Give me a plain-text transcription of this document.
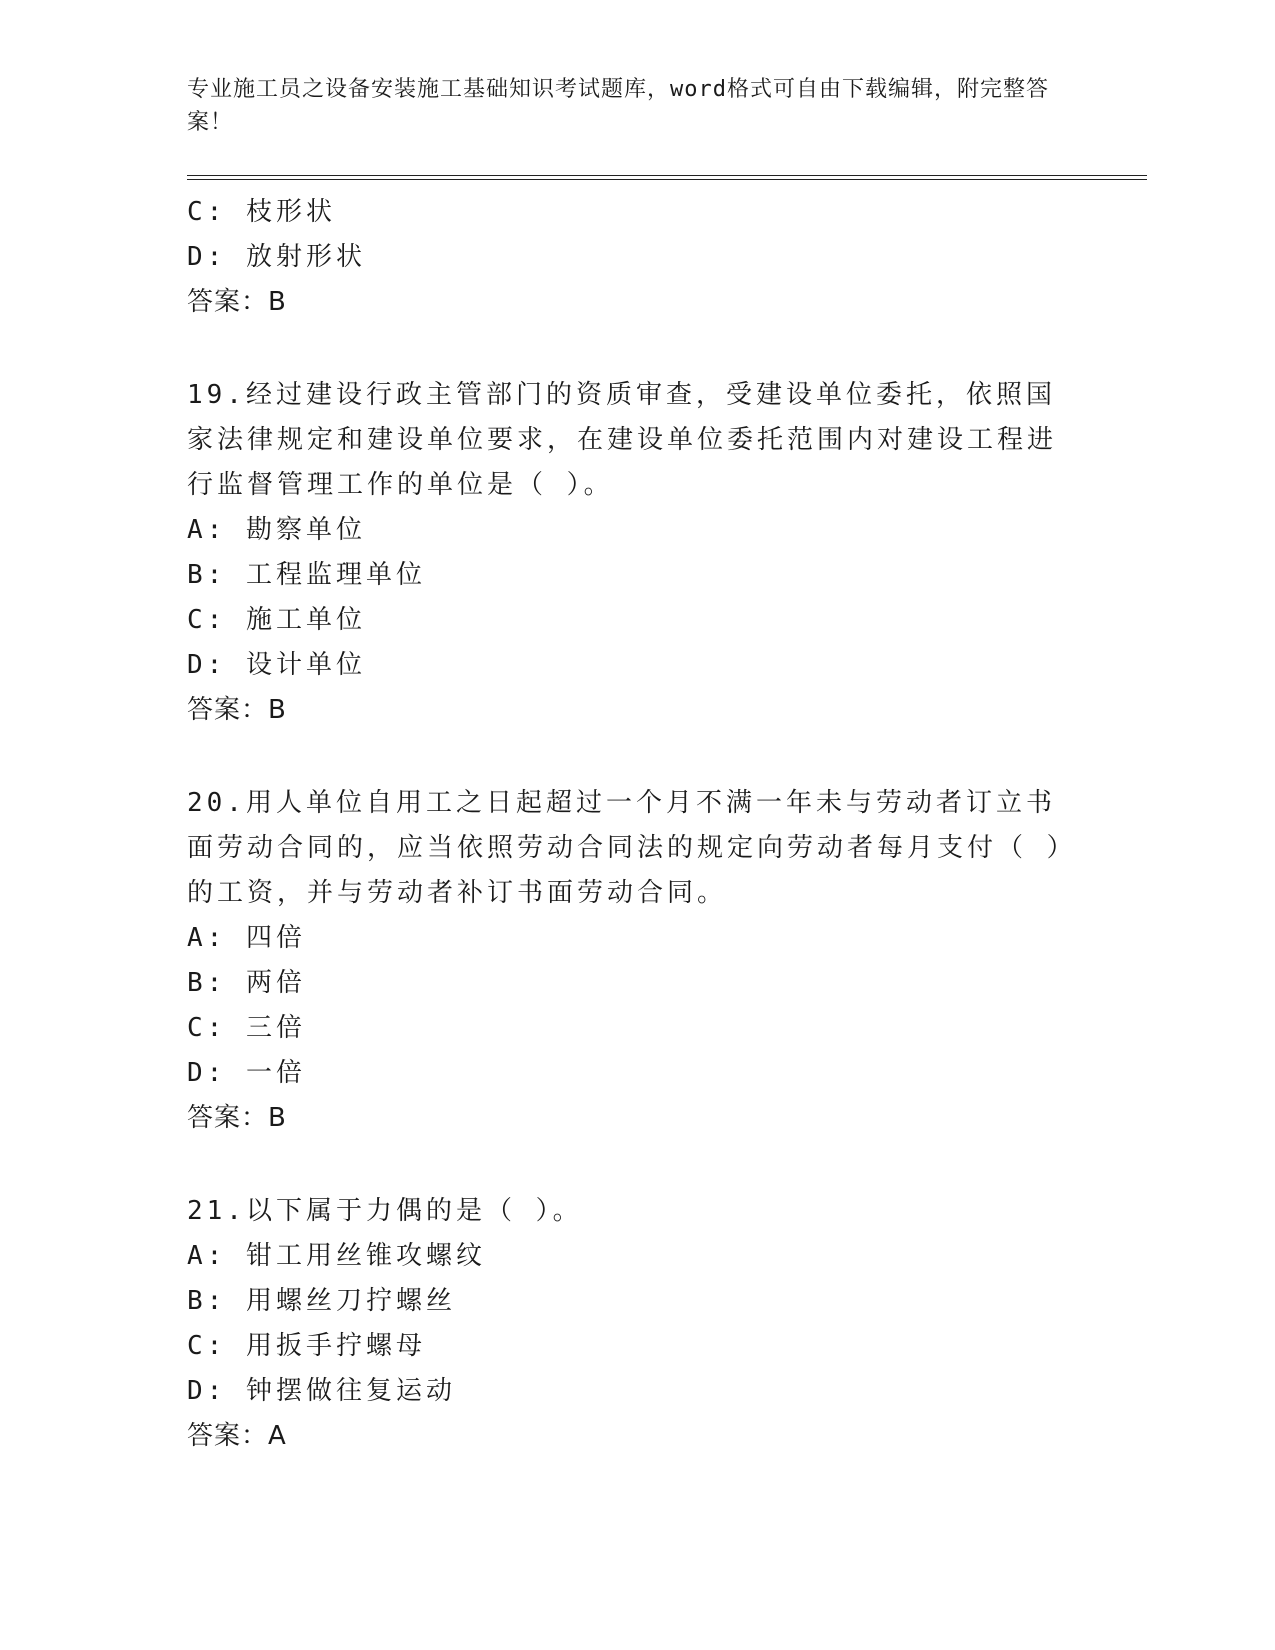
专业施工员之设备安装施工基础知识考试题库，word格式可自由下载编辑，附完整答案！
C: 枝形状
D: 放射形状
答案：B
19.经过建设行政主管部门的资质审查，受建设单位委托，依照国家法律规定和建设单位要求，在建设单位委托范围内对建设工程进行监督管理工作的单位是（ ）。
A: 勘察单位
B: 工程监理单位
C: 施工单位
D: 设计单位
答案：B
20.用人单位自用工之日起超过一个月不满一年未与劳动者订立书面劳动合同的，应当依照劳动合同法的规定向劳动者每月支付（ ）的工资，并与劳动者补订书面劳动合同。
A: 四倍
B: 两倍
C: 三倍
D: 一倍
答案：B
21.以下属于力偶的是（ ）。
A: 钳工用丝锥攻螺纹
B: 用螺丝刀拧螺丝
C: 用扳手拧螺母
D: 钟摆做往复运动
答案：A
